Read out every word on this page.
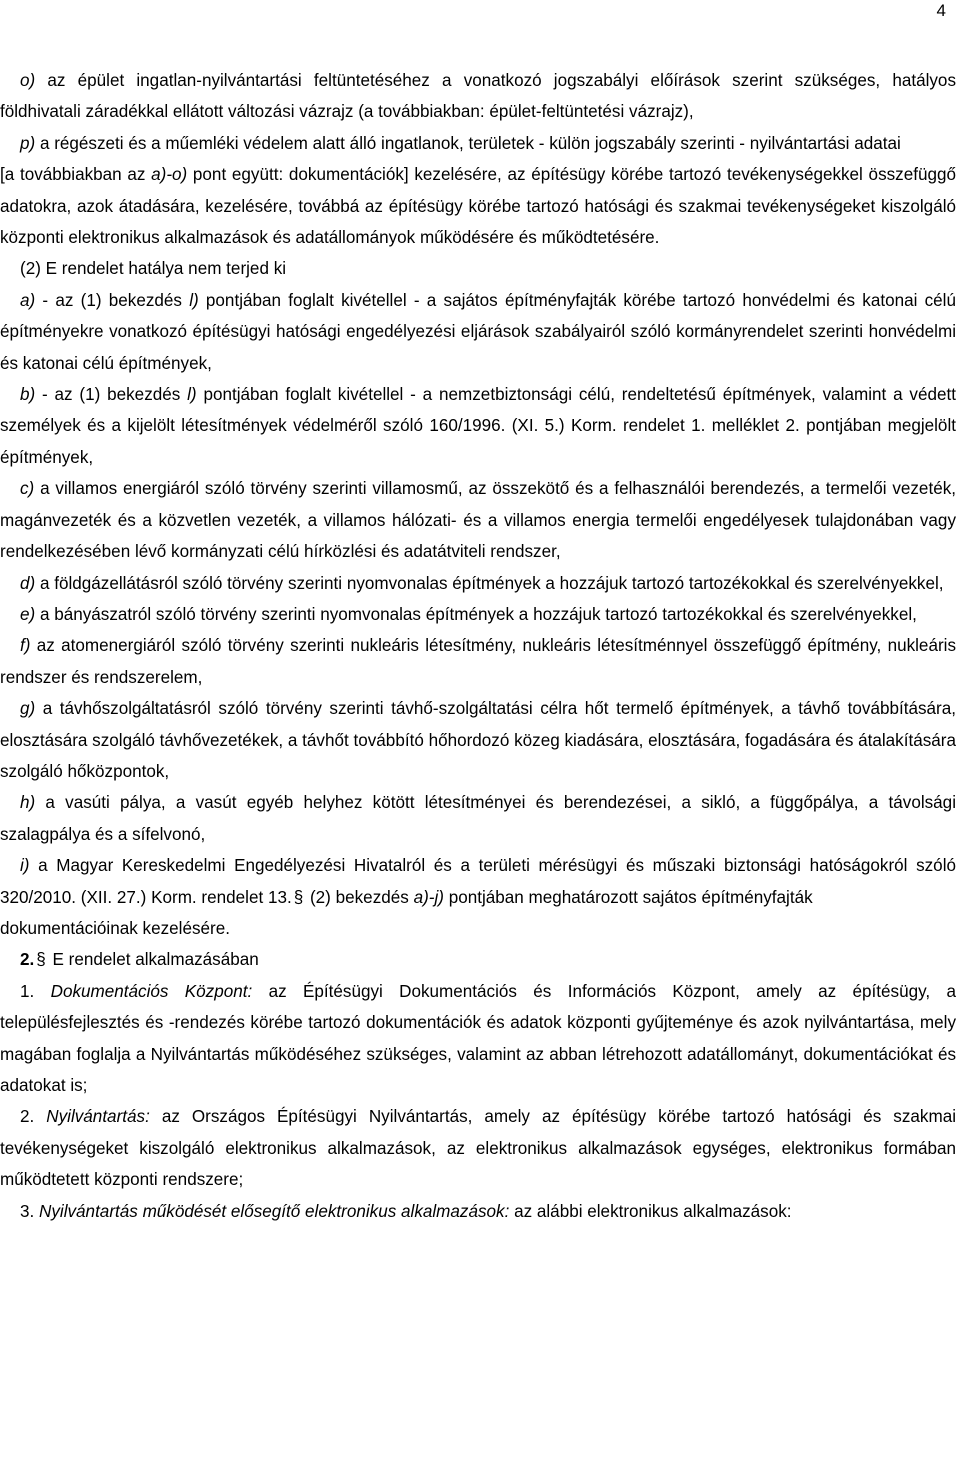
4

o) az épület ingatlan-nyilvántartási feltüntetéséhez a vonatkozó jogszabályi előírások szerint szükséges, hatályos földhivatali záradékkal ellátott változási vázrajz (a továbbiakban: épület-feltüntetési vázrajz),

p) a régészeti és a műemléki védelem alatt álló ingatlanok, területek - külön jogszabály szerinti - nyilvántartási adatai

[a továbbiakban az a)-o) pont együtt: dokumentációk] kezelésére, az építésügy körébe tartozó tevékenységekkel összefüggő adatokra, azok átadására, kezelésére, továbbá az építésügy körébe tartozó hatósági és szakmai tevékenységeket kiszolgáló központi elektronikus alkalmazások és adatállományok működésére és működtetésére.

(2) E rendelet hatálya nem terjed ki

a) - az (1) bekezdés l) pontjában foglalt kivétellel - a sajátos építményfajták körébe tartozó honvédelmi és katonai célú építményekre vonatkozó építésügyi hatósági engedélyezési eljárások szabályairól szóló kormányrendelet szerinti honvédelmi és katonai célú építmények,

b) - az (1) bekezdés l) pontjában foglalt kivétellel - a nemzetbiztonsági célú, rendeltetésű építmények, valamint a védett személyek és a kijelölt létesítmények védelméről szóló 160/1996. (XI. 5.) Korm. rendelet 1. melléklet 2. pontjában megjelölt építmények,

c) a villamos energiáról szóló törvény szerinti villamosmű, az összekötő és a felhasználói berendezés, a termelői vezeték, magánvezeték és a közvetlen vezeték, a villamos hálózati- és a villamos energia termelői engedélyesek tulajdonában vagy rendelkezésében lévő kormányzati célú hírközlési és adatátviteli rendszer,

d) a földgázellátásról szóló törvény szerinti nyomvonalas építmények a hozzájuk tartozó tartozékokkal és szerelvényekkel,

e) a bányászatról szóló törvény szerinti nyomvonalas építmények a hozzájuk tartozó tartozékokkal és szerelvényekkel,

f) az atomenergiáról szóló törvény szerinti nukleáris létesítmény, nukleáris létesítménnyel összefüggő építmény, nukleáris rendszer és rendszerelem,

g) a távhőszolgáltatásról szóló törvény szerinti távhő-szolgáltatási célra hőt termelő építmények, a távhő továbbítására, elosztására szolgáló távhővezetékek, a távhőt továbbító hőhordozó közeg kiadására, elosztására, fogadására és átalakítására szolgáló hőközpontok,

h) a vasúti pálya, a vasút egyéb helyhez kötött létesítményei és berendezései, a sikló, a függőpálya, a távolsági szalagpálya és a sífelvonó,

i) a Magyar Kereskedelmi Engedélyezési Hivatalról és a területi mérésügyi és műszaki biztonsági hatóságokról szóló 320/2010. (XII. 27.) Korm. rendelet 13. § (2) bekezdés a)-j) pontjában meghatározott sajátos építményfajták

dokumentációinak kezelésére.

2. § E rendelet alkalmazásában

1. Dokumentációs Központ: az Építésügyi Dokumentációs és Információs Központ, amely az építésügy, a településfejlesztés és -rendezés körébe tartozó dokumentációk és adatok központi gyűjteménye és azok nyilvántartása, mely magában foglalja a Nyilvántartás működéséhez szükséges, valamint az abban létrehozott adatállományt, dokumentációkat és adatokat is;

2. Nyilvántartás: az Országos Építésügyi Nyilvántartás, amely az építésügy körébe tartozó hatósági és szakmai tevékenységeket kiszolgáló elektronikus alkalmazások, az elektronikus alkalmazások egységes, elektronikus formában működtetett központi rendszere;

3. Nyilvántartás működését elősegítő elektronikus alkalmazások: az alábbi elektronikus alkalmazások:
